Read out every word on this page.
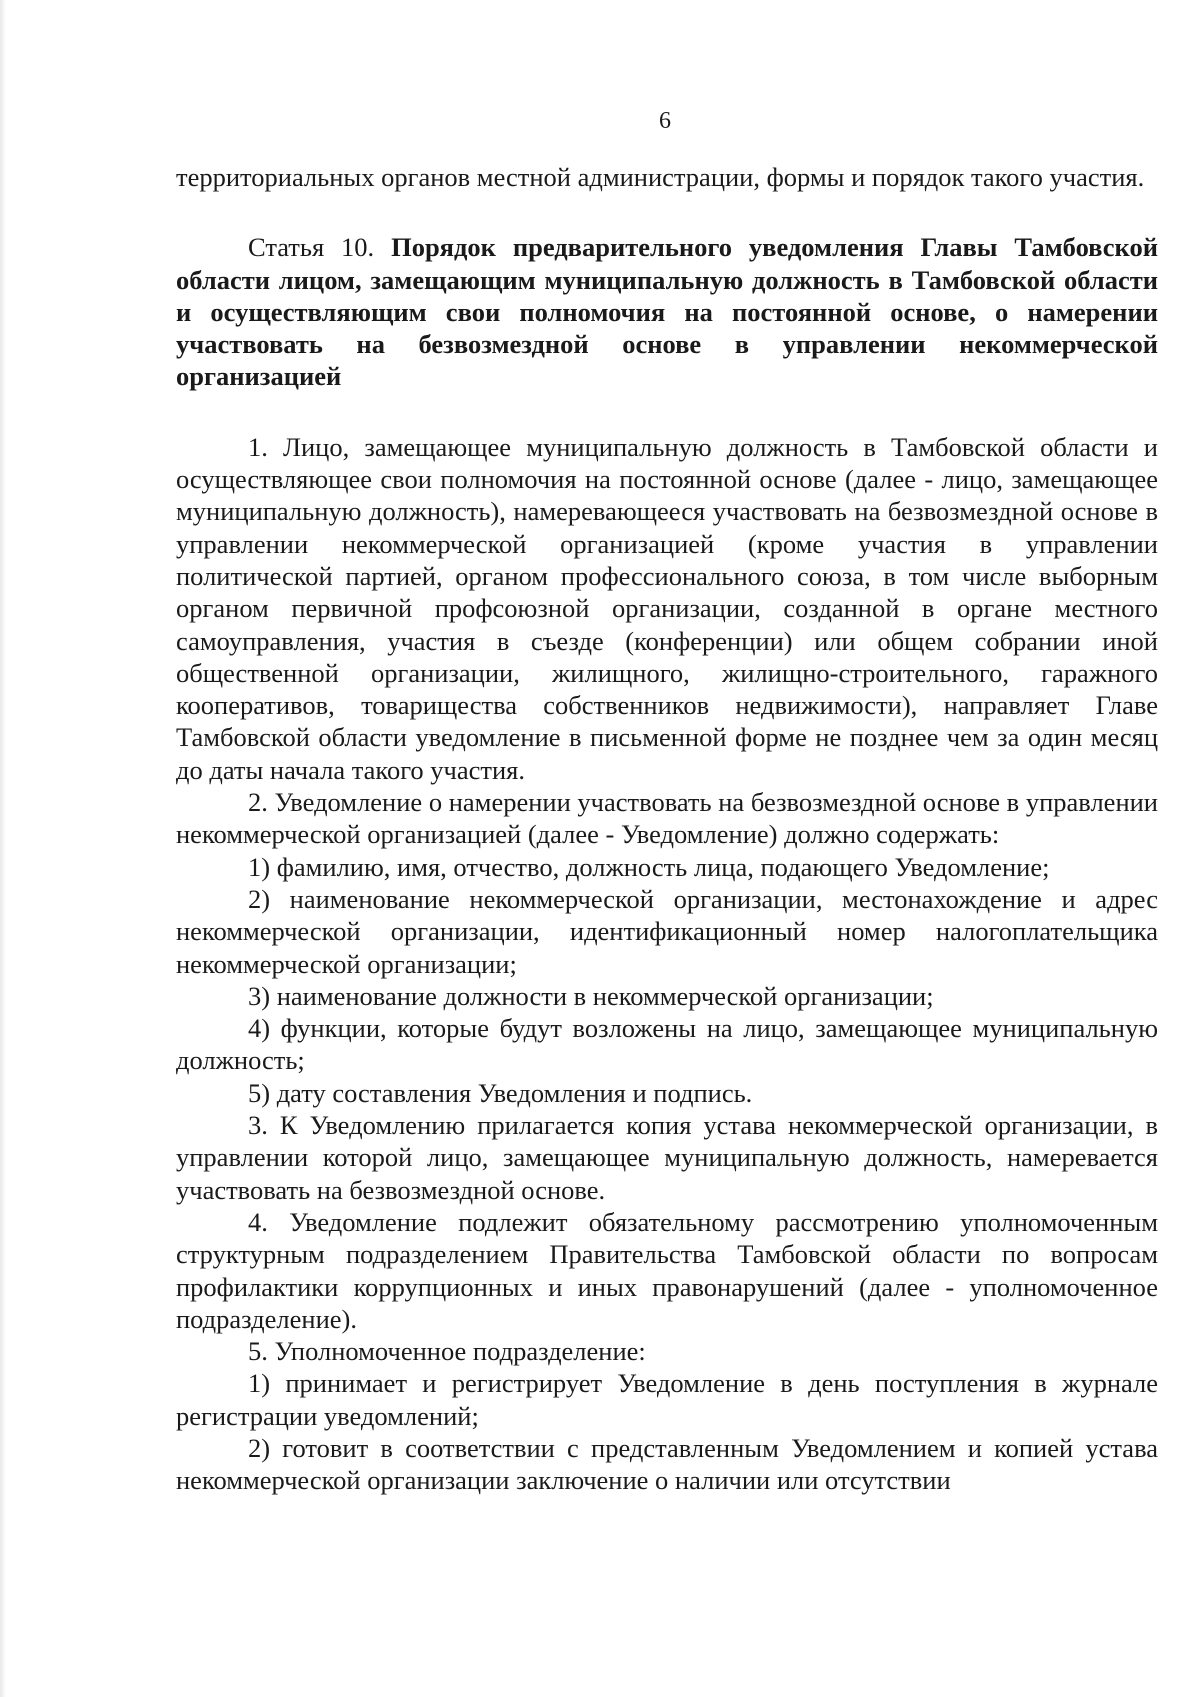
6

территориальных органов местной администрации, формы и порядок такого участия.

Статья 10. Порядок предварительного уведомления Главы Тамбовской области лицом, замещающим муниципальную должность в Тамбовской области и осуществляющим свои полномочия на постоянной основе, о намерении участвовать на безвозмездной основе в управлении некоммерческой организацией

1. Лицо, замещающее муниципальную должность в Тамбовской области и осуществляющее свои полномочия на постоянной основе (далее - лицо, замещающее муниципальную должность), намеревающееся участвовать на безвозмездной основе в управлении некоммерческой организацией (кроме участия в управлении политической партией, органом профессионального союза, в том числе выборным органом первичной профсоюзной организации, созданной в органе местного самоуправления, участия в съезде (конференции) или общем собрании иной общественной организации, жилищного, жилищно-строительного, гаражного кооперативов, товарищества собственников недвижимости), направляет Главе Тамбовской области уведомление в письменной форме не позднее чем за один месяц до даты начала такого участия.

2. Уведомление о намерении участвовать на безвозмездной основе в управлении некоммерческой организацией (далее - Уведомление) должно содержать:

1) фамилию, имя, отчество, должность лица, подающего Уведомление;

2) наименование некоммерческой организации, местонахождение и адрес некоммерческой организации, идентификационный номер налогоплательщика некоммерческой организации;

3) наименование должности в некоммерческой организации;

4) функции, которые будут возложены на лицо, замещающее муниципальную должность;

5) дату составления Уведомления и подпись.

3. К Уведомлению прилагается копия устава некоммерческой организации, в управлении которой лицо, замещающее муниципальную должность, намеревается участвовать на безвозмездной основе.

4. Уведомление подлежит обязательному рассмотрению уполномоченным структурным подразделением Правительства Тамбовской области по вопросам профилактики коррупционных и иных правонарушений (далее - уполномоченное подразделение).

5. Уполномоченное подразделение:

1) принимает и регистрирует Уведомление в день поступления в журнале регистрации уведомлений;

2) готовит в соответствии с представленным Уведомлением и копией устава некоммерческой организации заключение о наличии или отсутствии
